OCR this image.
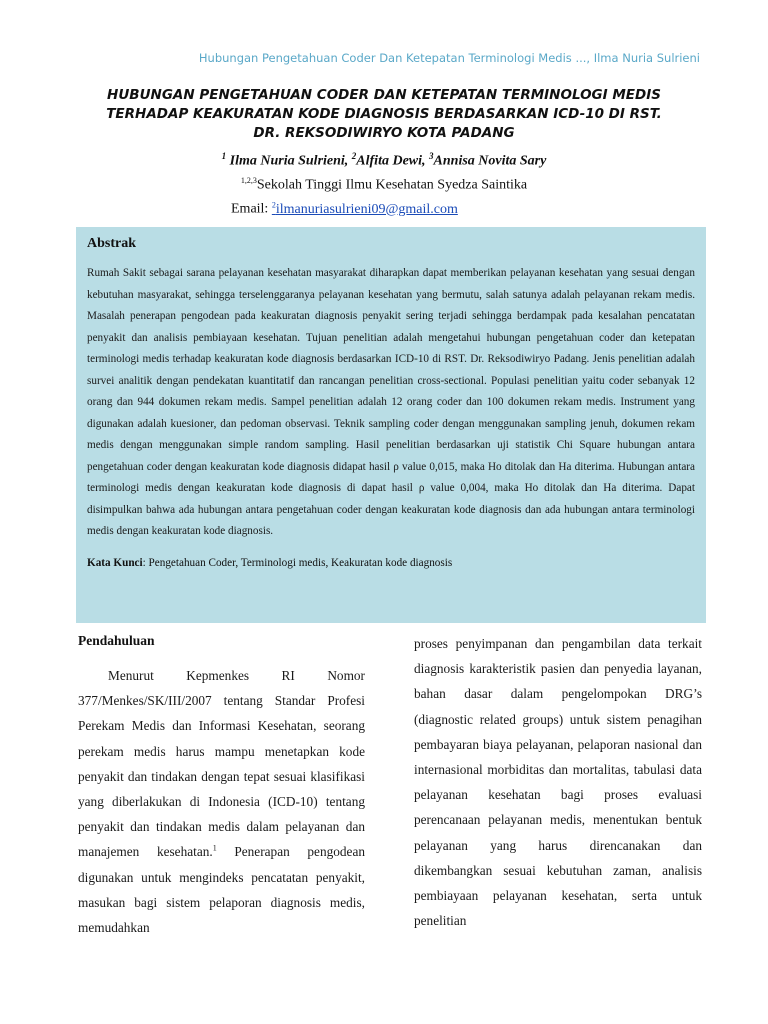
Hubungan Pengetahuan Coder Dan Ketepatan Terminologi Medis ..., Ilma Nuria Sulrieni
HUBUNGAN PENGETAHUAN CODER DAN KETEPATAN TERMINOLOGI MEDIS
TERHADAP KEAKURATAN KODE DIAGNOSIS BERDASARKAN ICD-10 DI RST.
DR. REKSODIWIRYO KOTA PADANG
$^1$ Ilma Nuria Sulrieni, $^2$Alfita Dewi, $^3$Annisa Novita Sary
$^{1,2,3}$Sekolah Tinggi Ilmu Kesehatan Syedza Saintika
Email: $^2$ilmanuriasulrieni09@gmail.com
Abstrak
Rumah Sakit sebagai sarana pelayanan kesehatan masyarakat diharapkan dapat memberikan pelayanan kesehatan yang sesuai dengan kebutuhan masyarakat, sehingga terselenggaranya pelayanan kesehatan yang bermutu, salah satunya adalah pelayanan rekam medis. Masalah penerapan pengodean pada keakuratan diagnosis penyakit sering terjadi sehingga berdampak pada kesalahan pencatatan penyakit dan analisis pembiayaan kesehatan. Tujuan penelitian adalah mengetahui hubungan pengetahuan coder dan ketepatan terminologi medis terhadap keakuratan kode diagnosis berdasarkan ICD-10 di RST. Dr. Reksodiwiryo Padang. Jenis penelitian adalah survei analitik dengan pendekatan kuantitatif dan rancangan penelitian cross-sectional. Populasi penelitian yaitu coder sebanyak 12 orang dan 944 dokumen rekam medis. Sampel penelitian adalah 12 orang coder dan 100 dokumen rekam medis. Instrument yang digunakan adalah kuesioner, dan pedoman observasi. Teknik sampling coder dengan menggunakan sampling jenuh, dokumen rekam medis dengan menggunakan simple random sampling. Hasil penelitian berdasarkan uji statistik Chi Square hubungan antara pengetahuan coder dengan keakuratan kode diagnosis didapat hasil ρ value 0,015, maka Ho ditolak dan Ha diterima. Hubungan antara terminologi medis dengan keakuratan kode diagnosis di dapat hasil ρ value 0,004, maka Ho ditolak dan Ha diterima. Dapat disimpulkan bahwa ada hubungan antara pengetahuan coder dengan keakuratan kode diagnosis dan ada hubungan antara terminologi medis dengan keakuratan kode diagnosis.
Kata Kunci: Pengetahuan Coder, Terminologi medis, Keakuratan kode diagnosis
Pendahuluan
Menurut Kepmenkes RI Nomor 377/Menkes/SK/III/2007 tentang Standar Profesi Perekam Medis dan Informasi Kesehatan, seorang perekam medis harus mampu menetapkan kode penyakit dan tindakan dengan tepat sesuai klasifikasi yang diberlakukan di Indonesia (ICD-10) tentang penyakit dan tindakan medis dalam pelayanan dan manajemen kesehatan.$^1$ Penerapan pengodean digunakan untuk mengindeks pencatatan penyakit, masukan bagi sistem pelaporan diagnosis medis, memudahkan
proses penyimpanan dan pengambilan data terkait diagnosis karakteristik pasien dan penyedia layanan, bahan dasar dalam pengelompokan DRG’s (diagnostic related groups) untuk sistem penagihan pembayaran biaya pelayanan, pelaporan nasional dan internasional morbiditas dan mortalitas, tabulasi data pelayanan kesehatan bagi proses evaluasi perencanaan pelayanan medis, menentukan bentuk pelayanan yang harus direncanakan dan dikembangkan sesuai kebutuhan zaman, analisis pembiayaan pelayanan kesehatan, serta untuk penelitian
